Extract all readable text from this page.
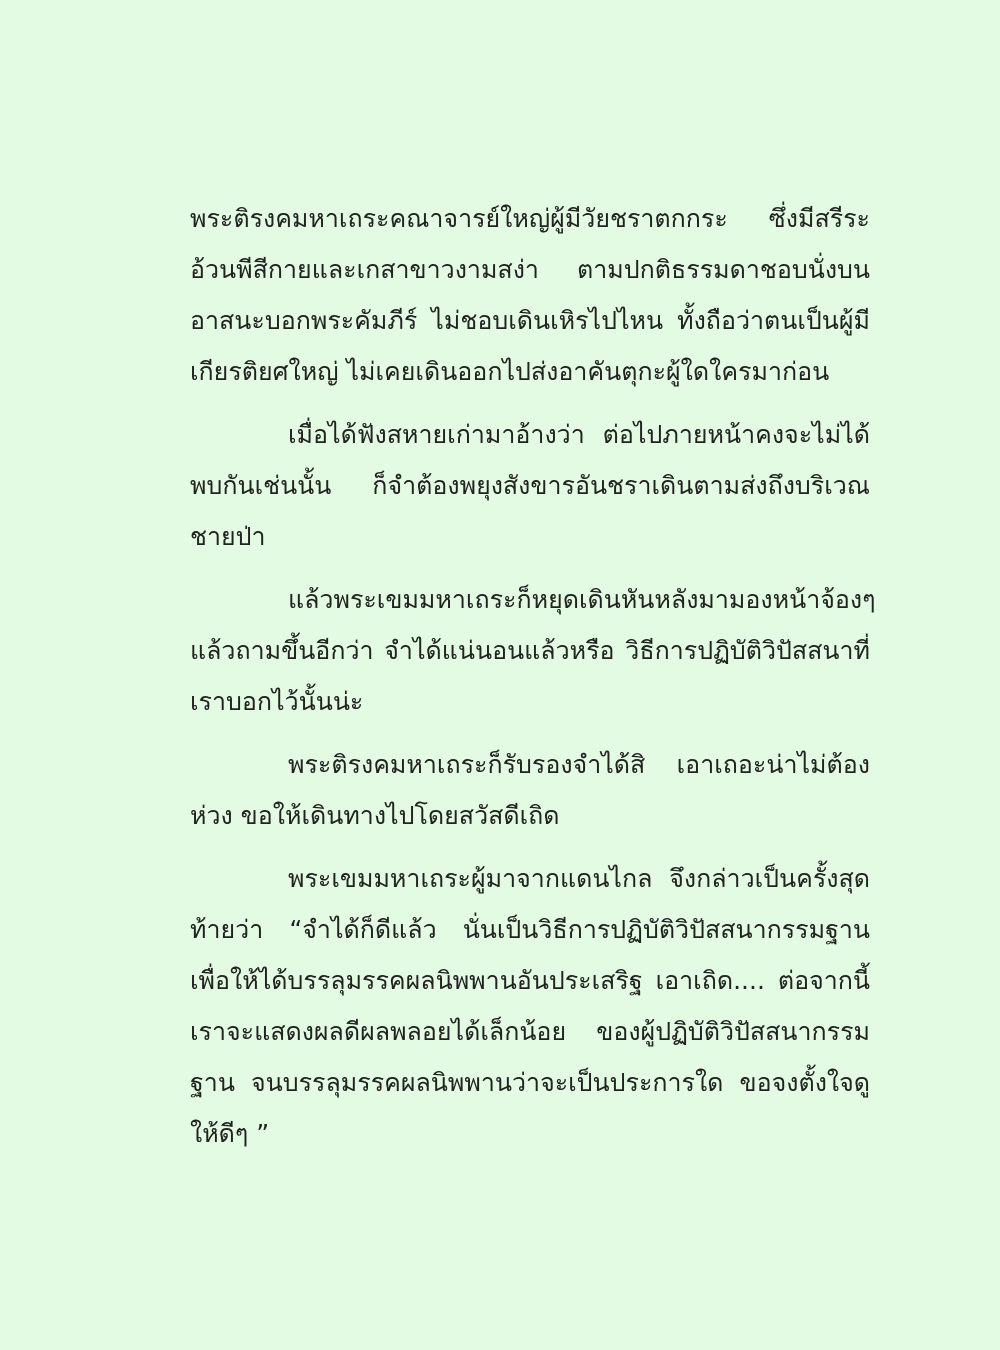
พระติรงคมหาเถระคณาจารย์ใหญ่ผู้มีวัยชราตกกระ ซึ่งมีสรีระ
อ้วนพีสีกายและเกสาขาวงามสง่า ตามปกติธรรมดาชอบนั่งบน
อาสนะบอกพระคัมภีร์ ไม่ชอบเดินเหิรไปไหน ทั้งถือว่าตนเป็นผู้มี
เกียรติยศใหญ่ ไม่เคยเดินออกไปส่งอาคันตุกะผู้ใดใครมาก่อน
เมื่อได้ฟังสหายเก่ามาอ้างว่า ต่อไปภายหน้าคงจะไม่ได้
พบกันเช่นนั้น ก็จำต้องพยุงสังขารอันชราเดินตามส่งถึงบริเวณ
ชายป่า
แล้วพระเขมมหาเถระก็หยุดเดินหันหลังมามองหน้าจ้องๆ
แล้วถามขึ้นอีกว่า จำได้แน่นอนแล้วหรือ วิธีการปฏิบัติวิปัสสนาที่
เราบอกไว้นั้นน่ะ
พระติรงคมหาเถระก็รับรองจำได้สิ เอาเถอะน่าไม่ต้อง
ห่วง ขอให้เดินทางไปโดยสวัสดีเถิด
พระเขมมหาเถระผู้มาจากแดนไกล จึงกล่าวเป็นครั้งสุด
ท้ายว่า “จำได้ก็ดีแล้ว นั่นเป็นวิธีการปฏิบัติวิปัสสนากรรมฐาน
เพื่อให้ได้บรรลุมรรคผลนิพพานอันประเสริฐ เอาเถิด.... ต่อจากนี้
เราจะแสดงผลดีผลพลอยได้เล็กน้อย ของผู้ปฏิบัติวิปัสสนากรรม
ฐาน จนบรรลุมรรคผลนิพพานว่าจะเป็นประการใด ขอจงตั้งใจดู
ให้ดีๆ ”
